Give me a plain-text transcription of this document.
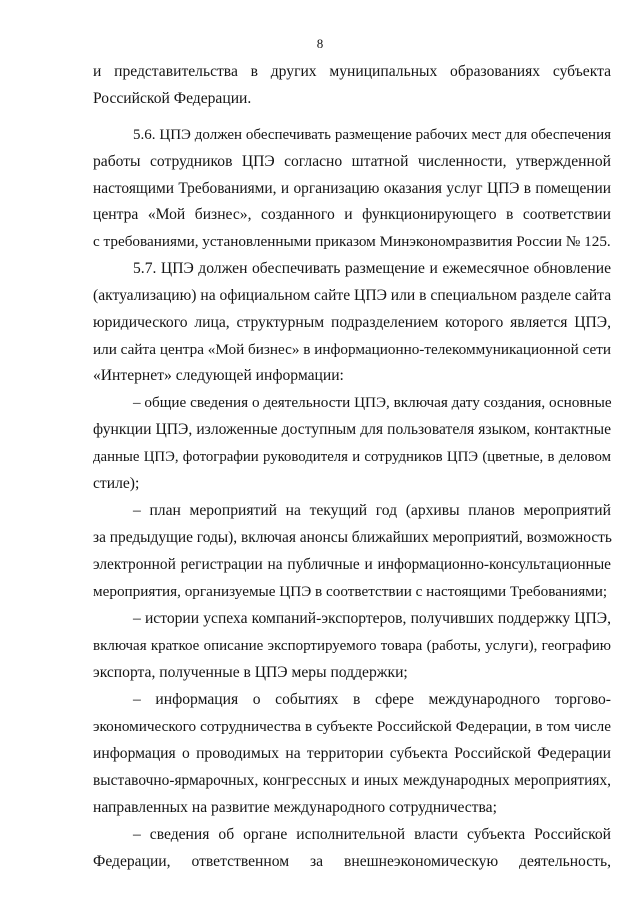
8
и представительства в других муниципальных образованиях субъекта
Российской Федерации.
5.6. ЦПЭ должен обеспечивать размещение рабочих мест для обеспечения
работы сотрудников ЦПЭ согласно штатной численности, утвержденной
настоящими Требованиями, и организацию оказания услуг ЦПЭ в помещении
центра «Мой бизнес», созданного и функционирующего в соответствии
с требованиями, установленными приказом Минэкономразвития России № 125.
5.7. ЦПЭ должен обеспечивать размещение и ежемесячное обновление
(актуализацию) на официальном сайте ЦПЭ или в специальном разделе сайта
юридического лица, структурным подразделением которого является ЦПЭ,
или сайта центра «Мой бизнес» в информационно-телекоммуникационной сети
«Интернет» следующей информации:
– общие сведения о деятельности ЦПЭ, включая дату создания, основные
функции ЦПЭ, изложенные доступным для пользователя языком, контактные
данные ЦПЭ, фотографии руководителя и сотрудников ЦПЭ (цветные, в деловом
стиле);
– план мероприятий на текущий год (архивы планов мероприятий
за предыдущие годы), включая анонсы ближайших мероприятий, возможность
электронной регистрации на публичные и информационно-консультационные
мероприятия, организуемые ЦПЭ в соответствии с настоящими Требованиями;
– истории успеха компаний-экспортеров, получивших поддержку ЦПЭ,
включая краткое описание экспортируемого товара (работы, услуги), географию
экспорта, полученные в ЦПЭ меры поддержки;
– информация о событиях в сфере международного торгово-
экономического сотрудничества в субъекте Российской Федерации, в том числе
информация о проводимых на территории субъекта Российской Федерации
выставочно-ярмарочных, конгрессных и иных международных мероприятиях,
направленных на развитие международного сотрудничества;
– сведения об органе исполнительной власти субъекта Российской
Федерации, ответственном за внешнеэкономическую деятельность,
